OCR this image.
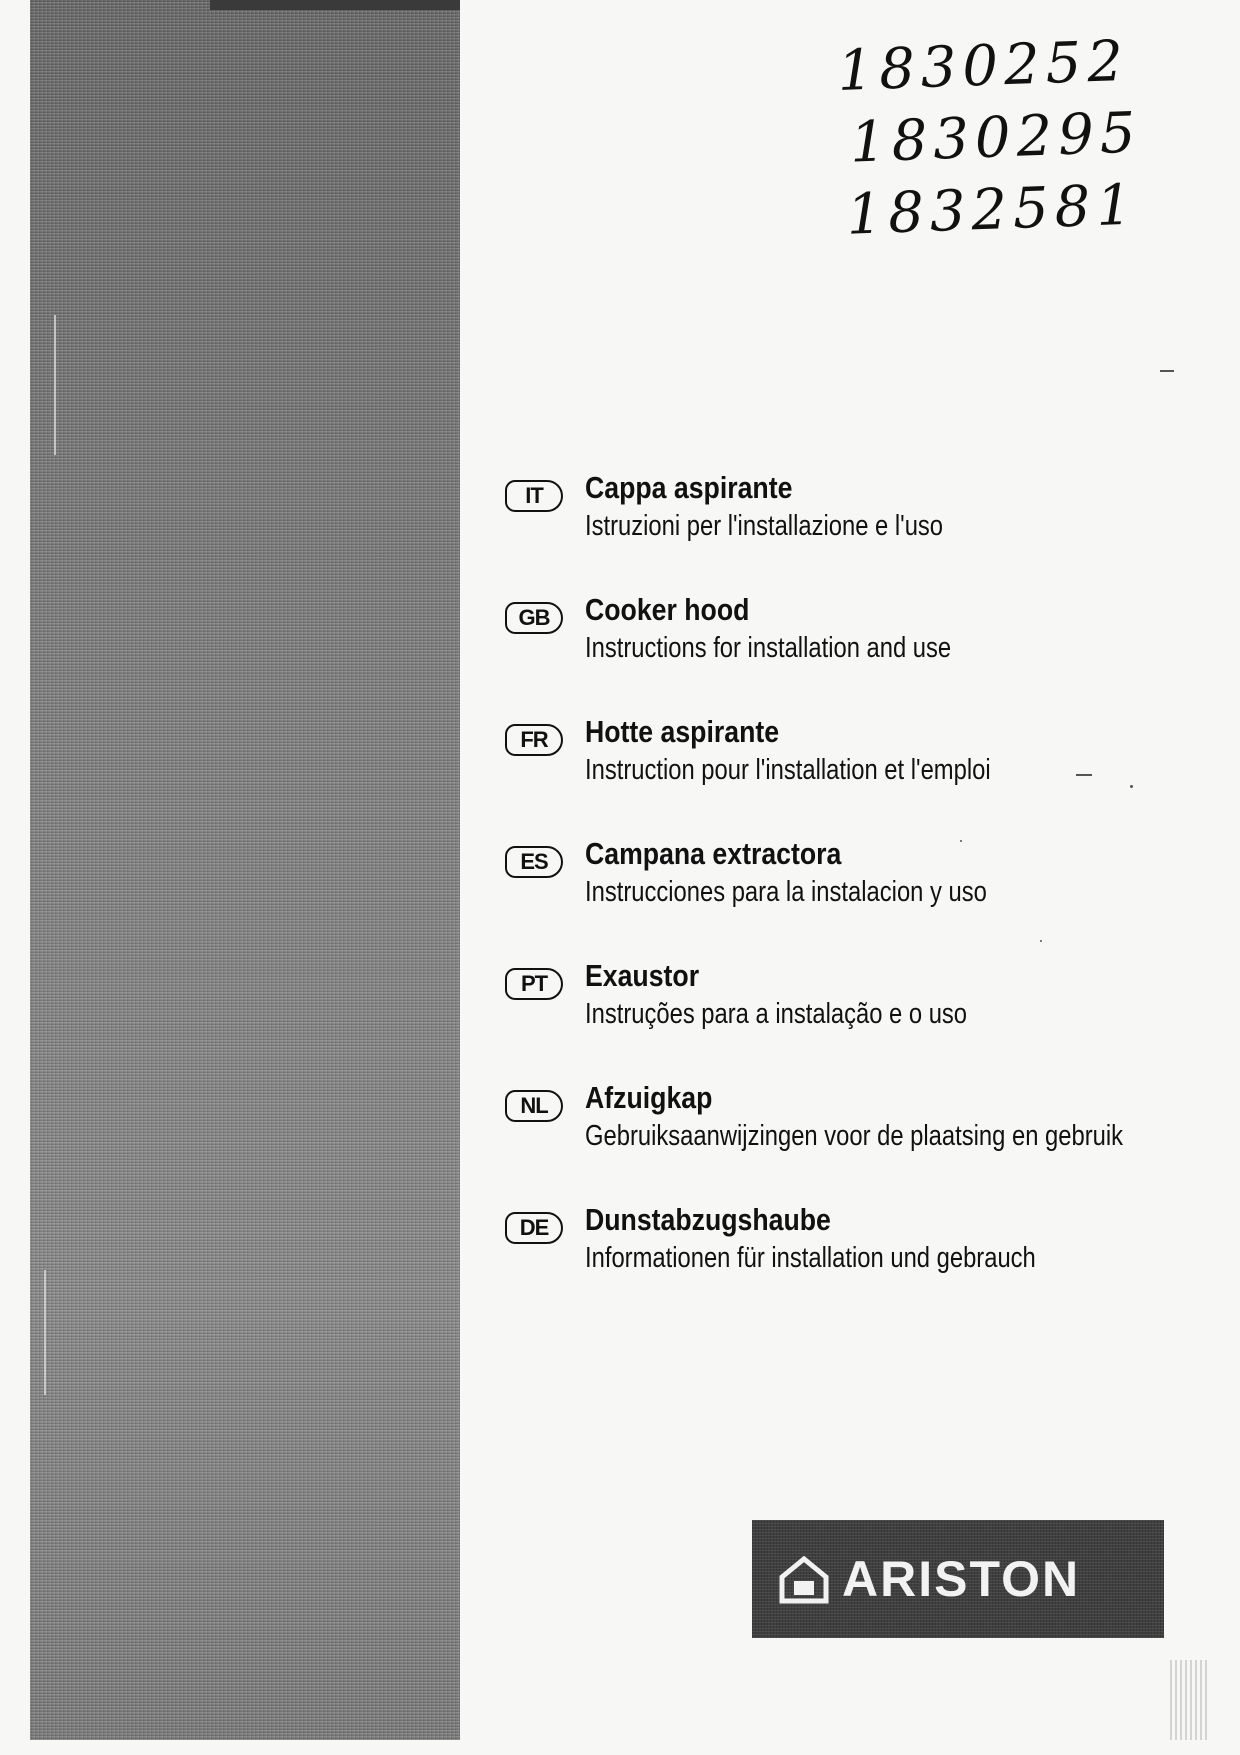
1830252
1830295
1832581
IT	Cappa aspirante
Istruzioni per l'installazione e l'uso
GB	Cooker hood
Instructions for installation and use
FR	Hotte aspirante
Instruction pour l'installation et l'emploi
ES	Campana extractora
Instrucciones para la instalacion y uso
PT	Exaustor
Instruções para a instalação e o uso
NL	Afzuigkap
Gebruiksaanwijzingen voor de plaatsing en gebruik
DE	Dunstabzugshaube
Informationen für installation und gebrauch
ARISTON
